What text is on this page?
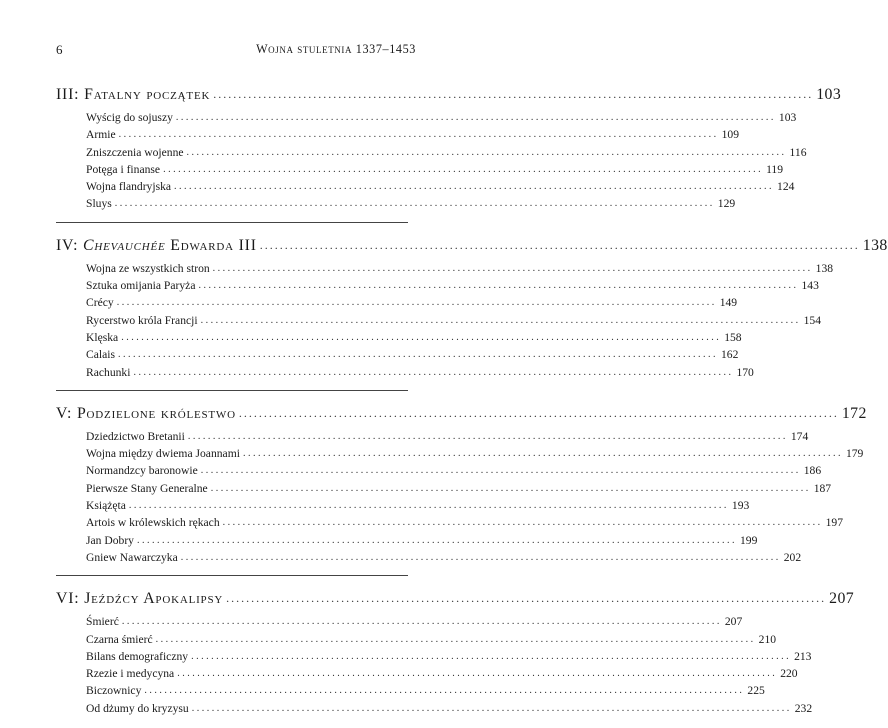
6	Wojna stuletnia 1337–1453
III: Fatalny początek ........................................................................................................................ 103
Wyścig do sojuszy ........................................................................................................................ 103
Armie ........................................................................................................................ 109
Zniszczenia wojenne ........................................................................................................................ 116
Potęga i finanse ........................................................................................................................ 119
Wojna flandryjska ........................................................................................................................ 124
Sluys ........................................................................................................................ 129
IV: Chevauchée Edwarda III ........................................................................................................................ 138
Wojna ze wszystkich stron ........................................................................................................................ 138
Sztuka omijania Paryża ........................................................................................................................ 143
Crécy ........................................................................................................................ 149
Rycerstwo króla Francji ........................................................................................................................ 154
Klęska ........................................................................................................................ 158
Calais ........................................................................................................................ 162
Rachunki ........................................................................................................................ 170
V: Podzielone królestwo ........................................................................................................................ 172
Dziedzictwo Bretanii ........................................................................................................................ 174
Wojna między dwiema Joannami ........................................................................................................................ 179
Normandzcy baronowie ........................................................................................................................ 186
Pierwsze Stany Generalne ........................................................................................................................ 187
Książęta ........................................................................................................................ 193
Artois w królewskich rękach ........................................................................................................................ 197
Jan Dobry ........................................................................................................................ 199
Gniew Nawarczyka ........................................................................................................................ 202
VI: Jeźdźcy Apokalipsy ........................................................................................................................ 207
Śmierć ........................................................................................................................ 207
Czarna śmierć ........................................................................................................................ 210
Bilans demograficzny ........................................................................................................................ 213
Rzezie i medycyna ........................................................................................................................ 220
Biczownicy ........................................................................................................................ 225
Od dżumy do kryzysu ........................................................................................................................ 232
